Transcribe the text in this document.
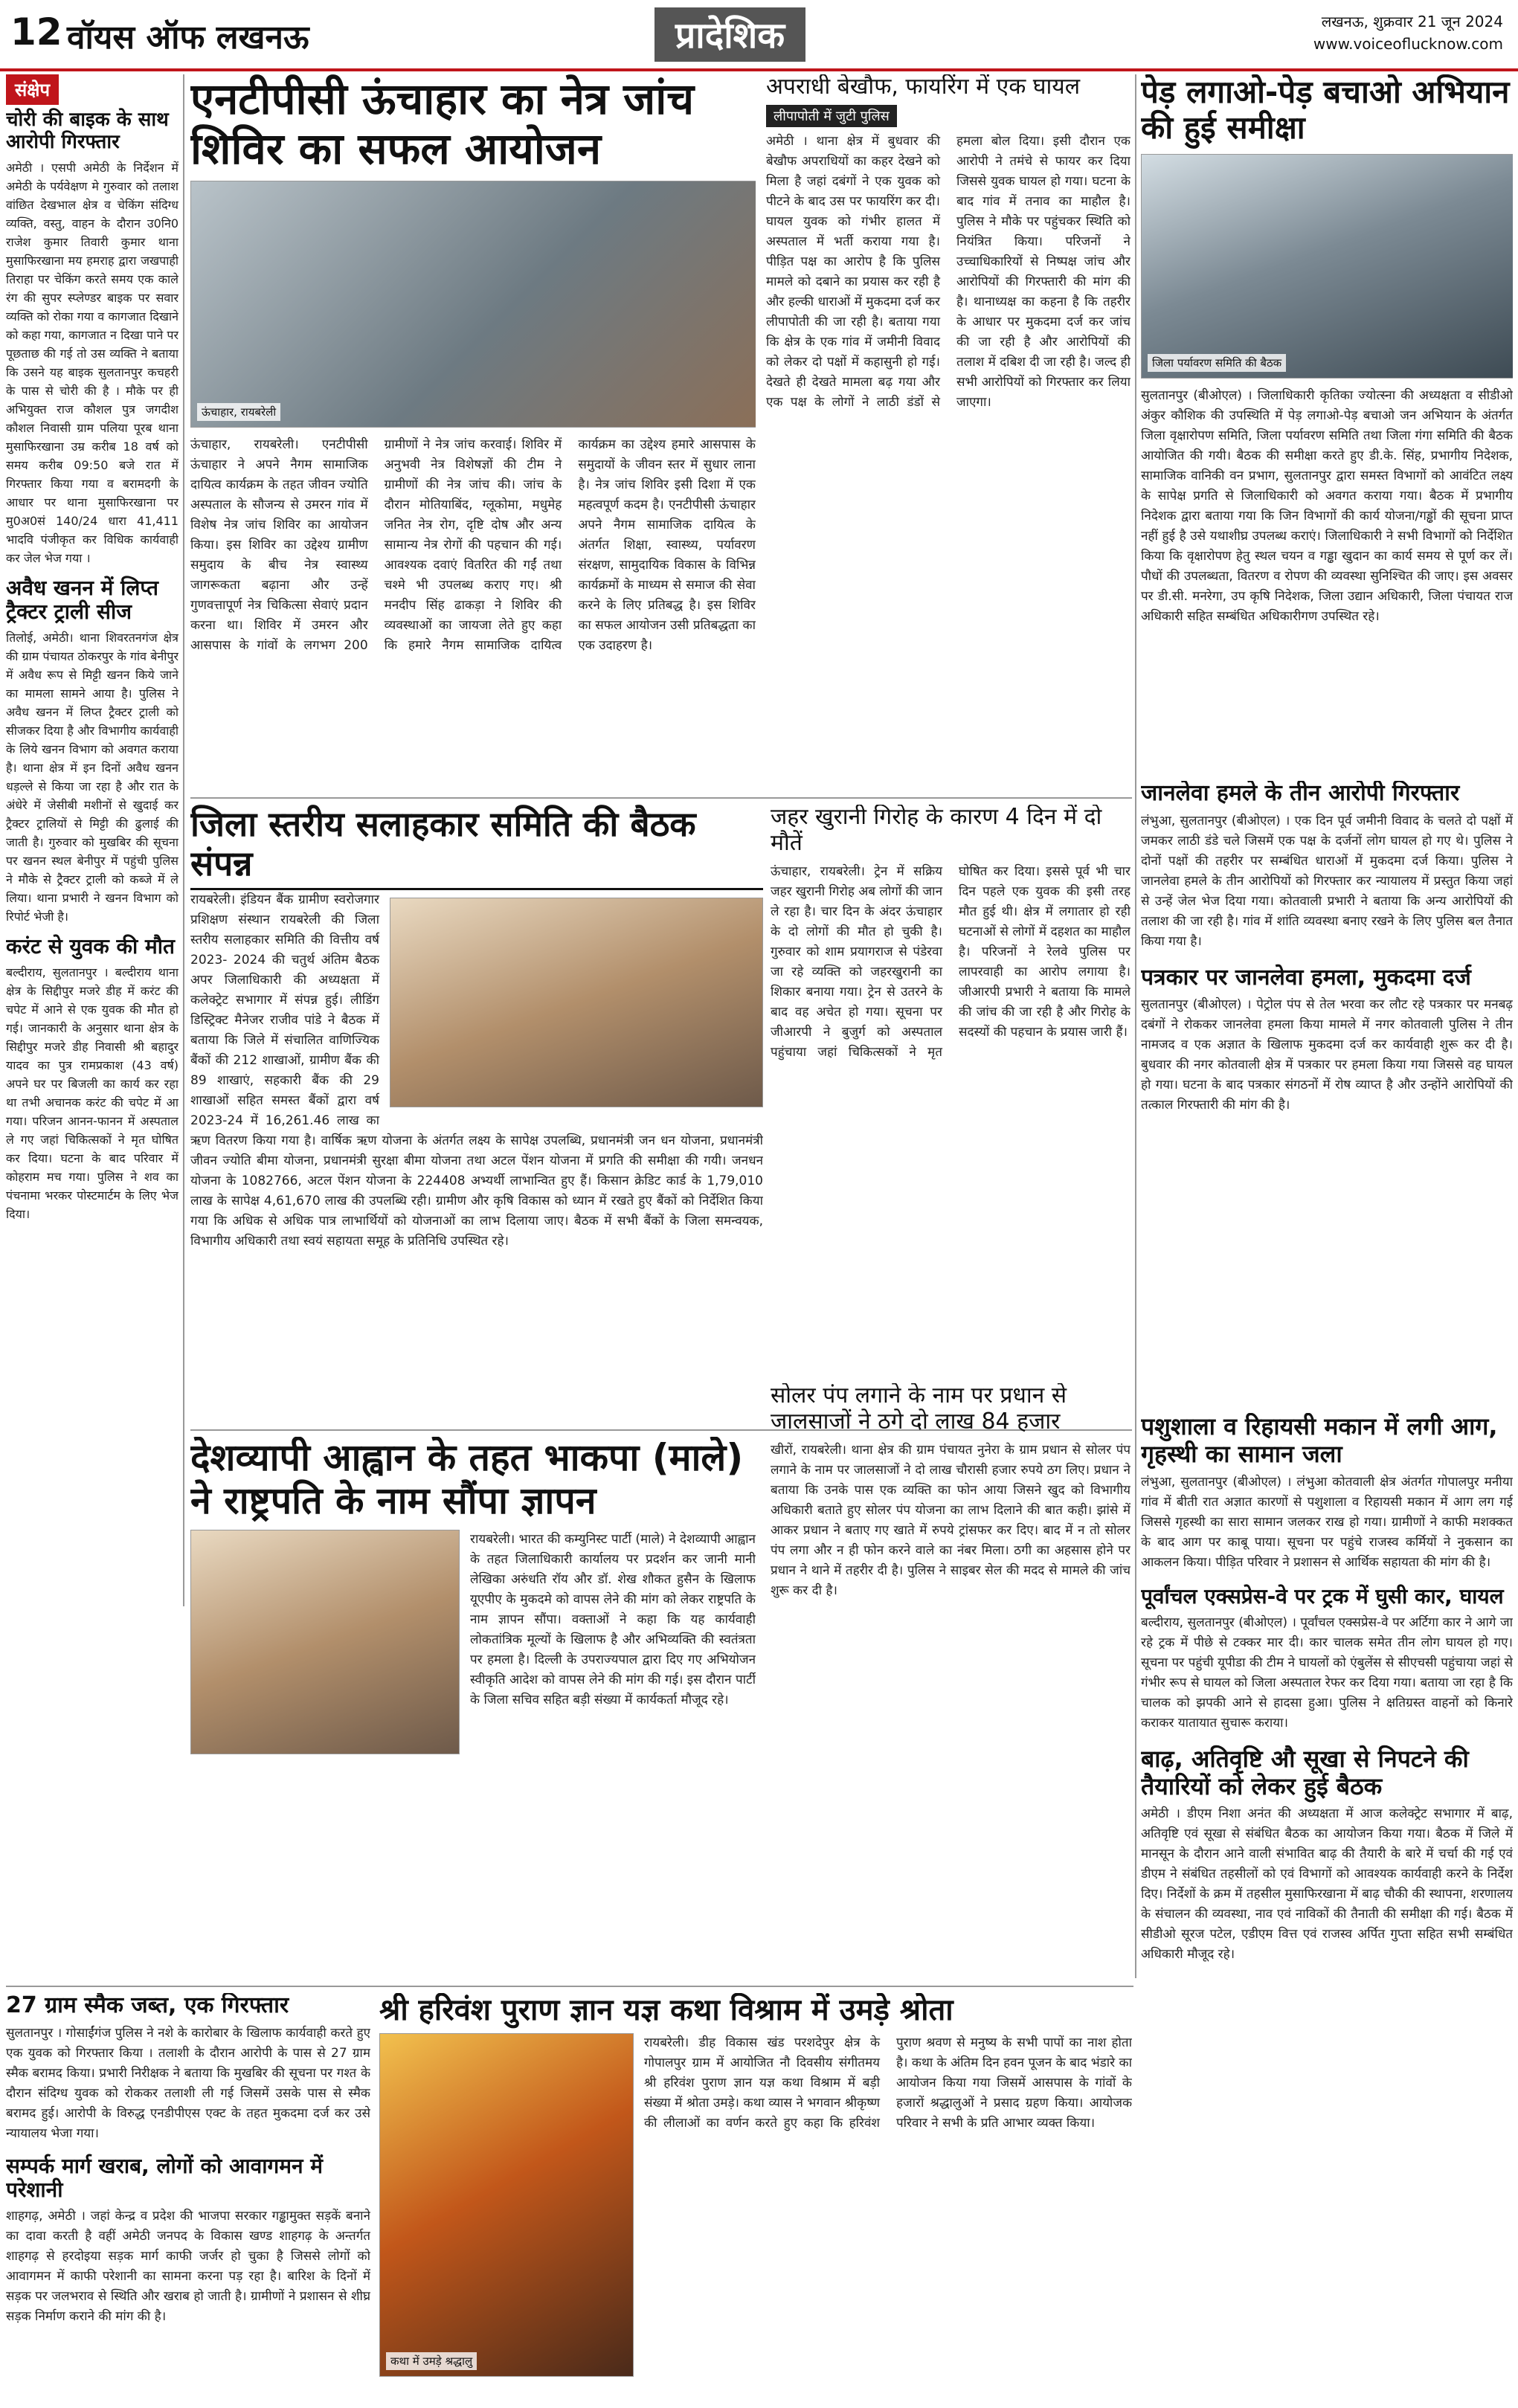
12 वॉयस ऑफ लखनऊ	प्रादेशिक	लखनऊ, शुक्रवार 21 जून 2024
www.voiceoflucknow.com
संक्षेप
चोरी की बाइक के साथ आरोपी गिरफ्तार
अमेठी । एसपी अमेठी के निर्देशन में अमेठी के पर्यवेक्षण मे गुरुवार को तलाश वांछित देखभाल क्षेत्र व चेकिंग संदिग्ध व्यक्ति, वस्तु, वाहन के दौरान उ0नि0 राजेश कुमार तिवारी कुमार थाना मुसाफिरखाना मय हमराह द्वारा जखपाही तिराहा पर चेकिंग करते समय एक काले रंग की सुपर स्प्लेण्डर बाइक पर सवार व्यक्ति को रोका गया व कागजात दिखाने को कहा गया, कागजात न दिखा पाने पर पूछताछ की गई तो उस व्यक्ति ने बताया कि उसने यह बाइक सुलतानपुर कचहरी के पास से चोरी की है । मौके पर ही अभियुक्त राज कौशल पुत्र जगदीश कौशल निवासी ग्राम पलिया पूरब थाना मुसाफिरखाना उम्र करीब 18 वर्ष को समय करीब 09:50 बजे रात में गिरफ्तार किया गया व बरामदगी के आधार पर थाना मुसाफिरखाना पर मु0अ0सं 140/24 धारा 41,411 भादवि पंजीकृत कर विधिक कार्यवाही कर जेल भेज गया ।
अवैध खनन में लिप्त ट्रैक्टर ट्राली सीज
तिलोई, अमेठी। थाना शिवरतनगंज क्षेत्र की ग्राम पंचायत ठोकरपुर के गांव बेनीपुर में अवैध रूप से मिट्टी खनन किये जाने का मामला सामने आया है। पुलिस ने अवैध खनन में लिप्त ट्रैक्टर ट्राली को सीजकर दिया है और विभागीय कार्यवाही के लिये खनन विभाग को अवगत कराया है। थाना क्षेत्र में इन दिनों अवैध खनन धड़ल्ले से किया जा रहा है और रात के अंधेरे में जेसीबी मशीनों से खुदाई कर ट्रैक्टर ट्रालियों से मिट्टी की ढुलाई की जाती है। गुरुवार को मुखबिर की सूचना पर खनन स्थल बेनीपुर में पहुंची पुलिस ने मौके से ट्रैक्टर ट्राली को कब्जे में ले लिया। थाना प्रभारी ने खनन विभाग को रिपोर्ट भेजी है।
करंट से युवक की मौत
बल्दीराय, सुलतानपुर । बल्दीराय थाना क्षेत्र के सिद्दीपुर मजरे डीह में करंट की चपेट में आने से एक युवक की मौत हो गई। जानकारी के अनुसार थाना क्षेत्र के सिद्दीपुर मजरे डीह निवासी श्री बहादुर यादव का पुत्र रामप्रकाश (43 वर्ष) अपने घर पर बिजली का कार्य कर रहा था तभी अचानक करंट की चपेट में आ गया। परिजन आनन-फानन में अस्पताल ले गए जहां चिकित्सकों ने मृत घोषित कर दिया। घटना के बाद परिवार में कोहराम मच गया। पुलिस ने शव का पंचनामा भरकर पोस्टमार्टम के लिए भेज दिया।
एनटीपीसी ऊंचाहार का नेत्र जांच शिविर का सफल आयोजन
ऊंचाहार, रायबरेली
ऊंचाहार, रायबरेली। एनटीपीसी ऊंचाहार ने अपने नैगम सामाजिक दायित्व कार्यक्रम के तहत जीवन ज्योति अस्पताल के सौजन्य से उमरन गांव में विशेष नेत्र जांच शिविर का आयोजन किया। इस शिविर का उद्देश्य ग्रामीण समुदाय के बीच नेत्र स्वास्थ्य जागरूकता बढ़ाना और उन्हें गुणवत्तापूर्ण नेत्र चिकित्सा सेवाएं प्रदान करना था। शिविर में उमरन और आसपास के गांवों के लगभग 200 ग्रामीणों ने नेत्र जांच करवाई। शिविर में अनुभवी नेत्र विशेषज्ञों की टीम ने ग्रामीणों की नेत्र जांच की। जांच के दौरान मोतियाबिंद, ग्लूकोमा, मधुमेह जनित नेत्र रोग, दृष्टि दोष और अन्य सामान्य नेत्र रोगों की पहचान की गई। आवश्यक दवाएं वितरित की गईं तथा चश्मे भी उपलब्ध कराए गए। श्री मनदीप सिंह ढाकड़ा ने शिविर की व्यवस्थाओं का जायजा लेते हुए कहा कि हमारे नैगम सामाजिक दायित्व कार्यक्रम का उद्देश्य हमारे आसपास के समुदायों के जीवन स्तर में सुधार लाना है। नेत्र जांच शिविर इसी दिशा में एक महत्वपूर्ण कदम है। एनटीपीसी ऊंचाहार अपने नैगम सामाजिक दायित्व के अंतर्गत शिक्षा, स्वास्थ्य, पर्यावरण संरक्षण, सामुदायिक विकास के विभिन्न कार्यक्रमों के माध्यम से समाज की सेवा करने के लिए प्रतिबद्ध है। इस शिविर का सफल आयोजन उसी प्रतिबद्धता का एक उदाहरण है।
अपराधी बेखौफ, फायरिंग में एक घायल
लीपापोती में जुटी पुलिस
अमेठी । थाना क्षेत्र में बुधवार की बेखौफ अपराधियों का कहर देखने को मिला है जहां दबंगों ने एक युवक को पीटने के बाद उस पर फायरिंग कर दी। घायल युवक को गंभीर हालत में अस्पताल में भर्ती कराया गया है। पीड़ित पक्ष का आरोप है कि पुलिस मामले को दबाने का प्रयास कर रही है और हल्की धाराओं में मुकदमा दर्ज कर लीपापोती की जा रही है। बताया गया कि क्षेत्र के एक गांव में जमीनी विवाद को लेकर दो पक्षों में कहासुनी हो गई। देखते ही देखते मामला बढ़ गया और एक पक्ष के लोगों ने लाठी डंडों से हमला बोल दिया। इसी दौरान एक आरोपी ने तमंचे से फायर कर दिया जिससे युवक घायल हो गया। घटना के बाद गांव में तनाव का माहौल है। पुलिस ने मौके पर पहुंचकर स्थिति को नियंत्रित किया। परिजनों ने उच्चाधिकारियों से निष्पक्ष जांच और आरोपियों की गिरफ्तारी की मांग की है। थानाध्यक्ष का कहना है कि तहरीर के आधार पर मुकदमा दर्ज कर जांच की जा रही है और आरोपियों की तलाश में दबिश दी जा रही है। जल्द ही सभी आरोपियों को गिरफ्तार कर लिया जाएगा।
पेड़ लगाओ-पेड़ बचाओ अभियान की हुई समीक्षा
जिला पर्यावरण समिति की बैठक
सुलतानपुर (बीओएल) । जिलाधिकारी कृतिका ज्योत्स्ना की अध्यक्षता व सीडीओ अंकुर कौशिक की उपस्थिति में पेड़ लगाओ-पेड़ बचाओ जन अभियान के अंतर्गत जिला वृक्षारोपण समिति, जिला पर्यावरण समिति तथा जिला गंगा समिति की बैठक आयोजित की गयी। बैठक की समीक्षा करते हुए डी.के. सिंह, प्रभागीय निदेशक, सामाजिक वानिकी वन प्रभाग, सुलतानपुर द्वारा समस्त विभागों को आवंटित लक्ष्य के सापेक्ष प्रगति से जिलाधिकारी को अवगत कराया गया। बैठक में प्रभागीय निदेशक द्वारा बताया गया कि जिन विभागों की कार्य योजना/गड्ढों की सूचना प्राप्त नहीं हुई है उसे यथाशीघ्र उपलब्ध कराएं। जिलाधिकारी ने सभी विभागों को निर्देशित किया कि वृक्षारोपण हेतु स्थल चयन व गड्ढा खुदान का कार्य समय से पूर्ण कर लें। पौधों की उपलब्धता, वितरण व रोपण की व्यवस्था सुनिश्चित की जाए। इस अवसर पर डी.सी. मनरेगा, उप कृषि निदेशक, जिला उद्यान अधिकारी, जिला पंचायत राज अधिकारी सहित सम्बंधित अधिकारीगण उपस्थित रहे।
जिला स्तरीय सलाहकार समिति की बैठक संपन्न
रायबरेली। इंडियन बैंक ग्रामीण स्वरोजगार प्रशिक्षण संस्थान रायबरेली की जिला स्तरीय सलाहकार समिति की वित्तीय वर्ष 2023- 2024 की चतुर्थ अंतिम बैठक अपर जिलाधिकारी की अध्यक्षता में कलेक्ट्रेट सभागार में संपन्न हुई। लीडिंग डिस्ट्रिक्ट मैनेजर राजीव पांडे ने बैठक में बताया कि जिले में संचालित वाणिज्यिक बैंकों की 212 शाखाओं, ग्रामीण बैंक की 89 शाखाएं, सहकारी बैंक की 29 शाखाओं सहित समस्त बैंकों द्वारा वर्ष 2023-24 में 16,261.46 लाख का ऋण वितरण किया गया है। वार्षिक ऋण योजना के अंतर्गत लक्ष्य के सापेक्ष उपलब्धि, प्रधानमंत्री जन धन योजना, प्रधानमंत्री जीवन ज्योति बीमा योजना, प्रधानमंत्री सुरक्षा बीमा योजना तथा अटल पेंशन योजना में प्रगति की समीक्षा की गयी। जनधन योजना के 1082766, अटल पेंशन योजना के 224408 अभ्यर्थी लाभान्वित हुए हैं। किसान क्रेडिट कार्ड के 1,79,010 लाख के सापेक्ष 4,61,670 लाख की उपलब्धि रही। ग्रामीण और कृषि विकास को ध्यान में रखते हुए बैंकों को निर्देशित किया गया कि अधिक से अधिक पात्र लाभार्थियों को योजनाओं का लाभ दिलाया जाए। बैठक में सभी बैंकों के जिला समन्वयक, विभागीय अधिकारी तथा स्वयं सहायता समूह के प्रतिनिधि उपस्थित रहे।
जहर खुरानी गिरोह के कारण 4 दिन में दो मौतें
ऊंचाहार, रायबरेली। ट्रेन में सक्रिय जहर खुरानी गिरोह अब लोगों की जान ले रहा है। चार दिन के अंदर ऊंचाहार के दो लोगों की मौत हो चुकी है। गुरुवार को शाम प्रयागराज से पंडेरवा जा रहे व्यक्ति को जहरखुरानी का शिकार बनाया गया। ट्रेन से उतरने के बाद वह अचेत हो गया। सूचना पर जीआरपी ने बुजुर्ग को अस्पताल पहुंचाया जहां चिकित्सकों ने मृत घोषित कर दिया। इससे पूर्व भी चार दिन पहले एक युवक की इसी तरह मौत हुई थी। क्षेत्र में लगातार हो रही घटनाओं से लोगों में दहशत का माहौल है। परिजनों ने रेलवे पुलिस पर लापरवाही का आरोप लगाया है। जीआरपी प्रभारी ने बताया कि मामले की जांच की जा रही है और गिरोह के सदस्यों की पहचान के प्रयास जारी हैं।
जानलेवा हमले के तीन आरोपी गिरफ्तार
लंभुआ, सुलतानपुर (बीओएल) । एक दिन पूर्व जमीनी विवाद के चलते दो पक्षों में जमकर लाठी डंडे चले जिसमें एक पक्ष के दर्जनों लोग घायल हो गए थे। पुलिस ने दोनों पक्षों की तहरीर पर सम्बंधित धाराओं में मुकदमा दर्ज किया। पुलिस ने जानलेवा हमले के तीन आरोपियों को गिरफ्तार कर न्यायालय में प्रस्तुत किया जहां से उन्हें जेल भेज दिया गया। कोतवाली प्रभारी ने बताया कि अन्य आरोपियों की तलाश की जा रही है। गांव में शांति व्यवस्था बनाए रखने के लिए पुलिस बल तैनात किया गया है।
पत्रकार पर जानलेवा हमला, मुकदमा दर्ज
सुलतानपुर (बीओएल) । पेट्रोल पंप से तेल भरवा कर लौट रहे पत्रकार पर मनबढ़ दबंगों ने रोककर जानलेवा हमला किया मामले में नगर कोतवाली पुलिस ने तीन नामजद व एक अज्ञात के खिलाफ मुकदमा दर्ज कर कार्यवाही शुरू कर दी है। बुधवार की नगर कोतवाली क्षेत्र में पत्रकार पर हमला किया गया जिससे वह घायल हो गया। घटना के बाद पत्रकार संगठनों में रोष व्याप्त है और उन्होंने आरोपियों की तत्काल गिरफ्तारी की मांग की है।
देशव्यापी आह्वान के तहत भाकपा (माले) ने राष्ट्रपति के नाम सौंपा ज्ञापन
रायबरेली। भारत की कम्युनिस्ट पार्टी (माले) ने देशव्यापी आह्वान के तहत जिलाधिकारी कार्यालय पर प्रदर्शन कर जानी मानी लेखिका अरुंधति रॉय और डॉ. शेख शौकत हुसैन के खिलाफ यूएपीए के मुकदमे को वापस लेने की मांग को लेकर राष्ट्रपति के नाम ज्ञापन सौंपा। वक्ताओं ने कहा कि यह कार्यवाही लोकतांत्रिक मूल्यों के खिलाफ है और अभिव्यक्ति की स्वतंत्रता पर हमला है। दिल्ली के उपराज्यपाल द्वारा दिए गए अभियोजन स्वीकृति आदेश को वापस लेने की मांग की गई। इस दौरान पार्टी के जिला सचिव सहित बड़ी संख्या में कार्यकर्ता मौजूद रहे।
सोलर पंप लगाने के नाम पर प्रधान से जालसाजों ने ठगे दो लाख 84 हजार
खीरों, रायबरेली। थाना क्षेत्र की ग्राम पंचायत नुनेरा के ग्राम प्रधान से सोलर पंप लगाने के नाम पर जालसाजों ने दो लाख चौरासी हजार रुपये ठग लिए। प्रधान ने बताया कि उनके पास एक व्यक्ति का फोन आया जिसने खुद को विभागीय अधिकारी बताते हुए सोलर पंप योजना का लाभ दिलाने की बात कही। झांसे में आकर प्रधान ने बताए गए खाते में रुपये ट्रांसफर कर दिए। बाद में न तो सोलर पंप लगा और न ही फोन करने वाले का नंबर मिला। ठगी का अहसास होने पर प्रधान ने थाने में तहरीर दी है। पुलिस ने साइबर सेल की मदद से मामले की जांच शुरू कर दी है।
पशुशाला व रिहायसी मकान में लगी आग, गृहस्थी का सामान जला
लंभुआ, सुलतानपुर (बीओएल) । लंभुआ कोतवाली क्षेत्र अंतर्गत गोपालपुर मनीया गांव में बीती रात अज्ञात कारणों से पशुशाला व रिहायसी मकान में आग लग गई जिससे गृहस्थी का सारा सामान जलकर राख हो गया। ग्रामीणों ने काफी मशक्कत के बाद आग पर काबू पाया। सूचना पर पहुंचे राजस्व कर्मियों ने नुकसान का आकलन किया। पीड़ित परिवार ने प्रशासन से आर्थिक सहायता की मांग की है।
पूर्वांचल एक्सप्रेस-वे पर ट्रक में घुसी कार, घायल
बल्दीराय, सुलतानपुर (बीओएल) । पूर्वांचल एक्सप्रेस-वे पर अर्टिगा कार ने आगे जा रहे ट्रक में पीछे से टक्कर मार दी। कार चालक समेत तीन लोग घायल हो गए। सूचना पर पहुंची यूपीडा की टीम ने घायलों को एंबुलेंस से सीएचसी पहुंचाया जहां से गंभीर रूप से घायल को जिला अस्पताल रेफर कर दिया गया। बताया जा रहा है कि चालक को झपकी आने से हादसा हुआ। पुलिस ने क्षतिग्रस्त वाहनों को किनारे कराकर यातायात सुचारू कराया।
बाढ़, अतिवृष्टि औ सूखा से निपटने की तैयारियों को लेकर हुई बैठक
अमेठी । डीएम निशा अनंत की अध्यक्षता में आज कलेक्ट्रेट सभागार में बाढ़, अतिवृष्टि एवं सूखा से संबंधित बैठक का आयोजन किया गया। बैठक में जिले में मानसून के दौरान आने वाली संभावित बाढ़ की तैयारी के बारे में चर्चा की गई एवं डीएम ने संबंधित तहसीलों को एवं विभागों को आवश्यक कार्यवाही करने के निर्देश दिए। निर्देशों के क्रम में तहसील मुसाफिरखाना में बाढ़ चौकी की स्थापना, शरणालय के संचालन की व्यवस्था, नाव एवं नाविकों की तैनाती की समीक्षा की गई। बैठक में सीडीओ सूरज पटेल, एडीएम वित्त एवं राजस्व अर्पित गुप्ता सहित सभी सम्बंधित अधिकारी मौजूद रहे।
27 ग्राम स्मैक जब्त, एक गिरफ्तार
सुलतानपुर । गोसाईंगंज पुलिस ने नशे के कारोबार के खिलाफ कार्यवाही करते हुए एक युवक को गिरफ्तार किया । तलाशी के दौरान आरोपी के पास से 27 ग्राम स्मैक बरामद किया। प्रभारी निरीक्षक ने बताया कि मुखबिर की सूचना पर गश्त के दौरान संदिग्ध युवक को रोककर तलाशी ली गई जिसमें उसके पास से स्मैक बरामद हुई। आरोपी के विरुद्ध एनडीपीएस एक्ट के तहत मुकदमा दर्ज कर उसे न्यायालय भेजा गया।
सम्पर्क मार्ग खराब, लोगों को आवागमन में परेशानी
शाहगढ़, अमेठी । जहां केन्द्र व प्रदेश की भाजपा सरकार गड्ढामुक्त सड़कें बनाने का दावा करती है वहीं अमेठी जनपद के विकास खण्ड शाहगढ़ के अन्तर्गत शाहगढ़ से हरदोइया सड़क मार्ग काफी जर्जर हो चुका है जिससे लोगों को आवागमन में काफी परेशानी का सामना करना पड़ रहा है। बारिश के दिनों में सड़क पर जलभराव से स्थिति और खराब हो जाती है। ग्रामीणों ने प्रशासन से शीघ्र सड़क निर्माण कराने की मांग की है।
श्री हरिवंश पुराण ज्ञान यज्ञ कथा विश्राम में उमड़े श्रोता
कथा में उमड़े श्रद्धालु
रायबरेली। डीह विकास खंड परशदेपुर क्षेत्र के गोपालपुर ग्राम में आयोजित नौ दिवसीय संगीतमय श्री हरिवंश पुराण ज्ञान यज्ञ कथा विश्राम में बड़ी संख्या में श्रोता उमड़े। कथा व्यास ने भगवान श्रीकृष्ण की लीलाओं का वर्णन करते हुए कहा कि हरिवंश पुराण श्रवण से मनुष्य के सभी पापों का नाश होता है। कथा के अंतिम दिन हवन पूजन के बाद भंडारे का आयोजन किया गया जिसमें आसपास के गांवों के हजारों श्रद्धालुओं ने प्रसाद ग्रहण किया। आयोजक परिवार ने सभी के प्रति आभार व्यक्त किया।
